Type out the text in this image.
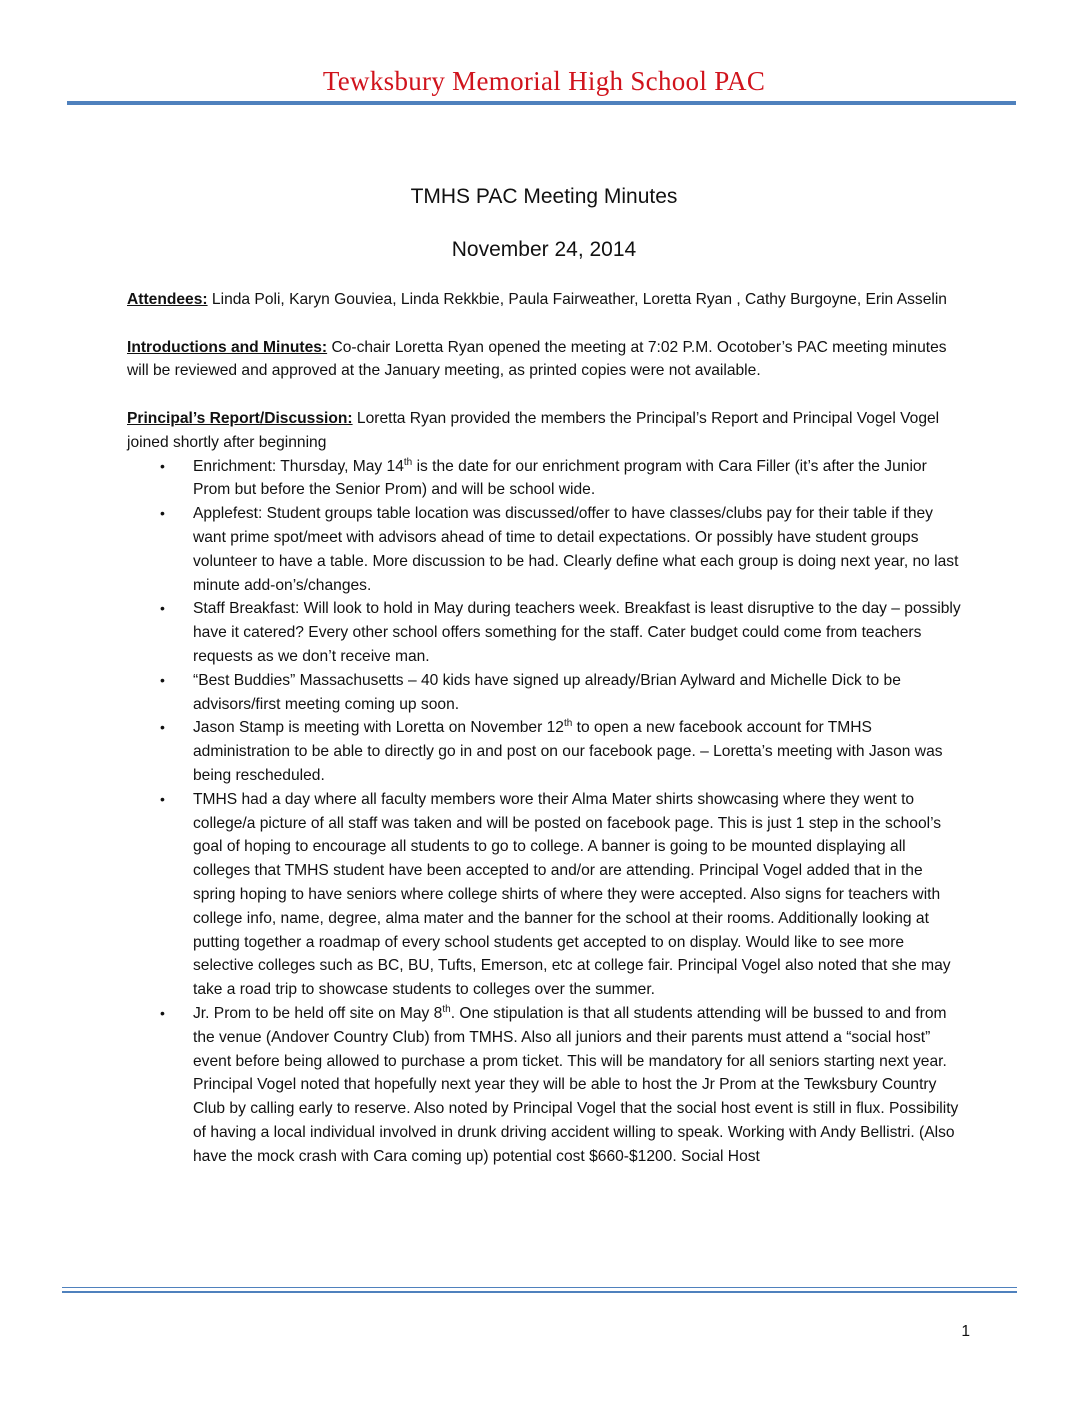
Tewksbury Memorial High School PAC
TMHS PAC Meeting Minutes
November 24, 2014

Attendees: Linda Poli, Karyn Gouviea, Linda Rekkbie, Paula Fairweather, Loretta Ryan , Cathy Burgoyne, Erin Asselin

Introductions and Minutes: Co-chair Loretta Ryan opened the meeting at 7:02 P.M. Ocotober’s PAC meeting minutes will be reviewed and approved at the January meeting, as printed copies were not available.

Principal’s Report/Discussion: Loretta Ryan provided the members the Principal’s Report and Principal Vogel Vogel joined shortly after beginning

• Enrichment: Thursday, May 14th is the date for our enrichment program with Cara Filler (it’s after the Junior Prom but before the Senior Prom) and will be school wide.
• Applefest: Student groups table location was discussed/offer to have classes/clubs pay for their table if they want prime spot/meet with advisors ahead of time to detail expectations. Or possibly have student groups volunteer to have a table. More discussion to be had. Clearly define what each group is doing next year, no last minute add-on’s/changes.
• Staff Breakfast: Will look to hold in May during teachers week. Breakfast is least disruptive to the day – possibly have it catered? Every other school offers something for the staff. Cater budget could come from teachers requests as we don’t receive man.
• “Best Buddies” Massachusetts – 40 kids have signed up already/Brian Aylward and Michelle Dick to be advisors/first meeting coming up soon.
• Jason Stamp is meeting with Loretta on November 12th to open a new facebook account for TMHS administration to be able to directly go in and post on our facebook page. – Loretta’s meeting with Jason was being rescheduled.
• TMHS had a day where all faculty members wore their Alma Mater shirts showcasing where they went to college/a picture of all staff was taken and will be posted on facebook page. This is just 1 step in the school’s goal of hoping to encourage all students to go to college. A banner is going to be mounted displaying all colleges that TMHS student have been accepted to and/or are attending. Principal Vogel added that in the spring hoping to have seniors where college shirts of where they were accepted. Also signs for teachers with college info, name, degree, alma mater and the banner for the school at their rooms. Additionally looking at putting together a roadmap of every school students get accepted to on display. Would like to see more selective colleges such as BC, BU, Tufts, Emerson, etc at college fair. Principal Vogel also noted that she may take a road trip to showcase students to colleges over the summer.
• Jr. Prom to be held off site on May 8th. One stipulation is that all students attending will be bussed to and from the venue (Andover Country Club) from TMHS. Also all juniors and their parents must attend a “social host” event before being allowed to purchase a prom ticket. This will be mandatory for all seniors starting next year. Principal Vogel noted that hopefully next year they will be able to host the Jr Prom at the Tewksbury Country Club by calling early to reserve. Also noted by Principal Vogel that the social host event is still in flux. Possibility of having a local individual involved in drunk driving accident willing to speak. Working with Andy Bellistri. (Also have the mock crash with Cara coming up) potential cost $660-$1200. Social Host
1
